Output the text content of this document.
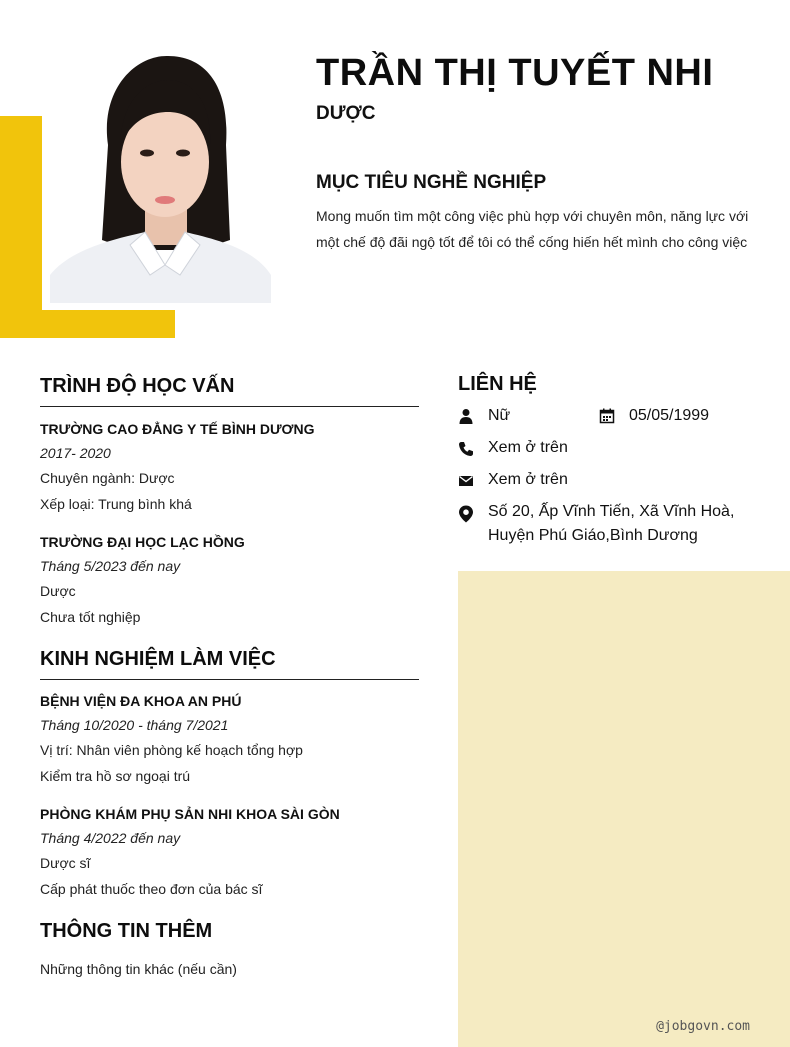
TRẦN THỊ TUYẾT NHI
DƯỢC
MỤC TIÊU NGHỀ NGHIỆP
Mong muốn tìm một công việc phù hợp với chuyên môn, năng lực với một chế độ đãi ngộ tốt để tôi có thể cống hiến hết mình cho công việc
TRÌNH ĐỘ HỌC VẤN
TRƯỜNG CAO ĐẲNG Y TẾ BÌNH DƯƠNG
2017- 2020
Chuyên ngành: Dược
Xếp loại: Trung bình khá
TRƯỜNG ĐẠI HỌC LẠC HỒNG
Tháng 5/2023 đến nay
Dược
Chưa tốt nghiệp
KINH NGHIỆM LÀM VIỆC
BỆNH VIỆN ĐA KHOA AN PHÚ
Tháng 10/2020 - tháng 7/2021
Vị trí: Nhân viên phòng kế hoạch tổng hợp
Kiểm tra hồ sơ ngoại trú
PHÒNG KHÁM PHỤ SẢN NHI KHOA SÀI GÒN
Tháng 4/2022 đến nay
Dược sĩ
Cấp phát thuốc theo đơn của bác sĩ
THÔNG TIN THÊM
Những thông tin khác (nếu cần)
LIÊN HỆ
Nữ	05/05/1999
Xem ở trên
Xem ở trên
Số 20, Ấp Vĩnh Tiến, Xã Vĩnh Hoà,
Huyện Phú Giáo,Bình Dương
@jobgovn.com
